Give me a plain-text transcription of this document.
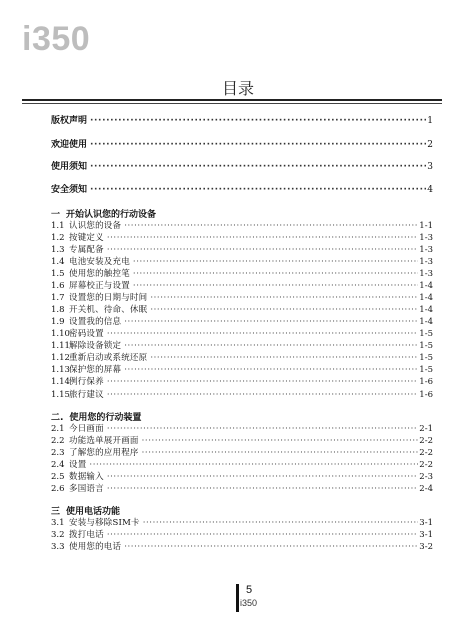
i350
目录
版权声明 ·····	1
欢迎使用 ·····	2
使用须知 ·····	3
安全须知 ·····	4
一 开始认识您的行动设备
1.1 认识您的设备 ·····	1-1
1.2 按键定义 ·····	1-3
1.3 专属配备 ·····	1-3
1.4 电池安装及充电 ·····	1-3
1.5 使用您的触控笔 ·····	1-3
1.6 屏幕校正与设置 ·····	1-4
1.7 设置您的日期与时间 ·····	1-4
1.8 开关机、待命、休眠 ·····	1-4
1.9 设置我的信息 ·····	1-4
1.10 密码设置 ·····	1-5
1.11 解除设备锁定 ·····	1-5
1.12 重新启动或系统还原 ·····	1-5
1.13 保护您的屏幕 ·····	1-5
1.14 例行保养 ·····	1-6
1.15 旅行建议 ·····	1-6
二. 使用您的行动装置
2.1 今日画面 ·····	2-1
2.2 功能选单展开画面 ·····	2-2
2.3 了解您的应用程序 ·····	2-2
2.4 设置 ·····	2-2
2.5 数据输入 ·····	2-3
2.6 多国语言 ·····	2-4
三 使用电话功能
3.1 安装与移除SIM卡 ·····	3-1
3.2 拨打电话 ·····	3-1
3.3 使用您的电话 ·····	3-2
5
i350
